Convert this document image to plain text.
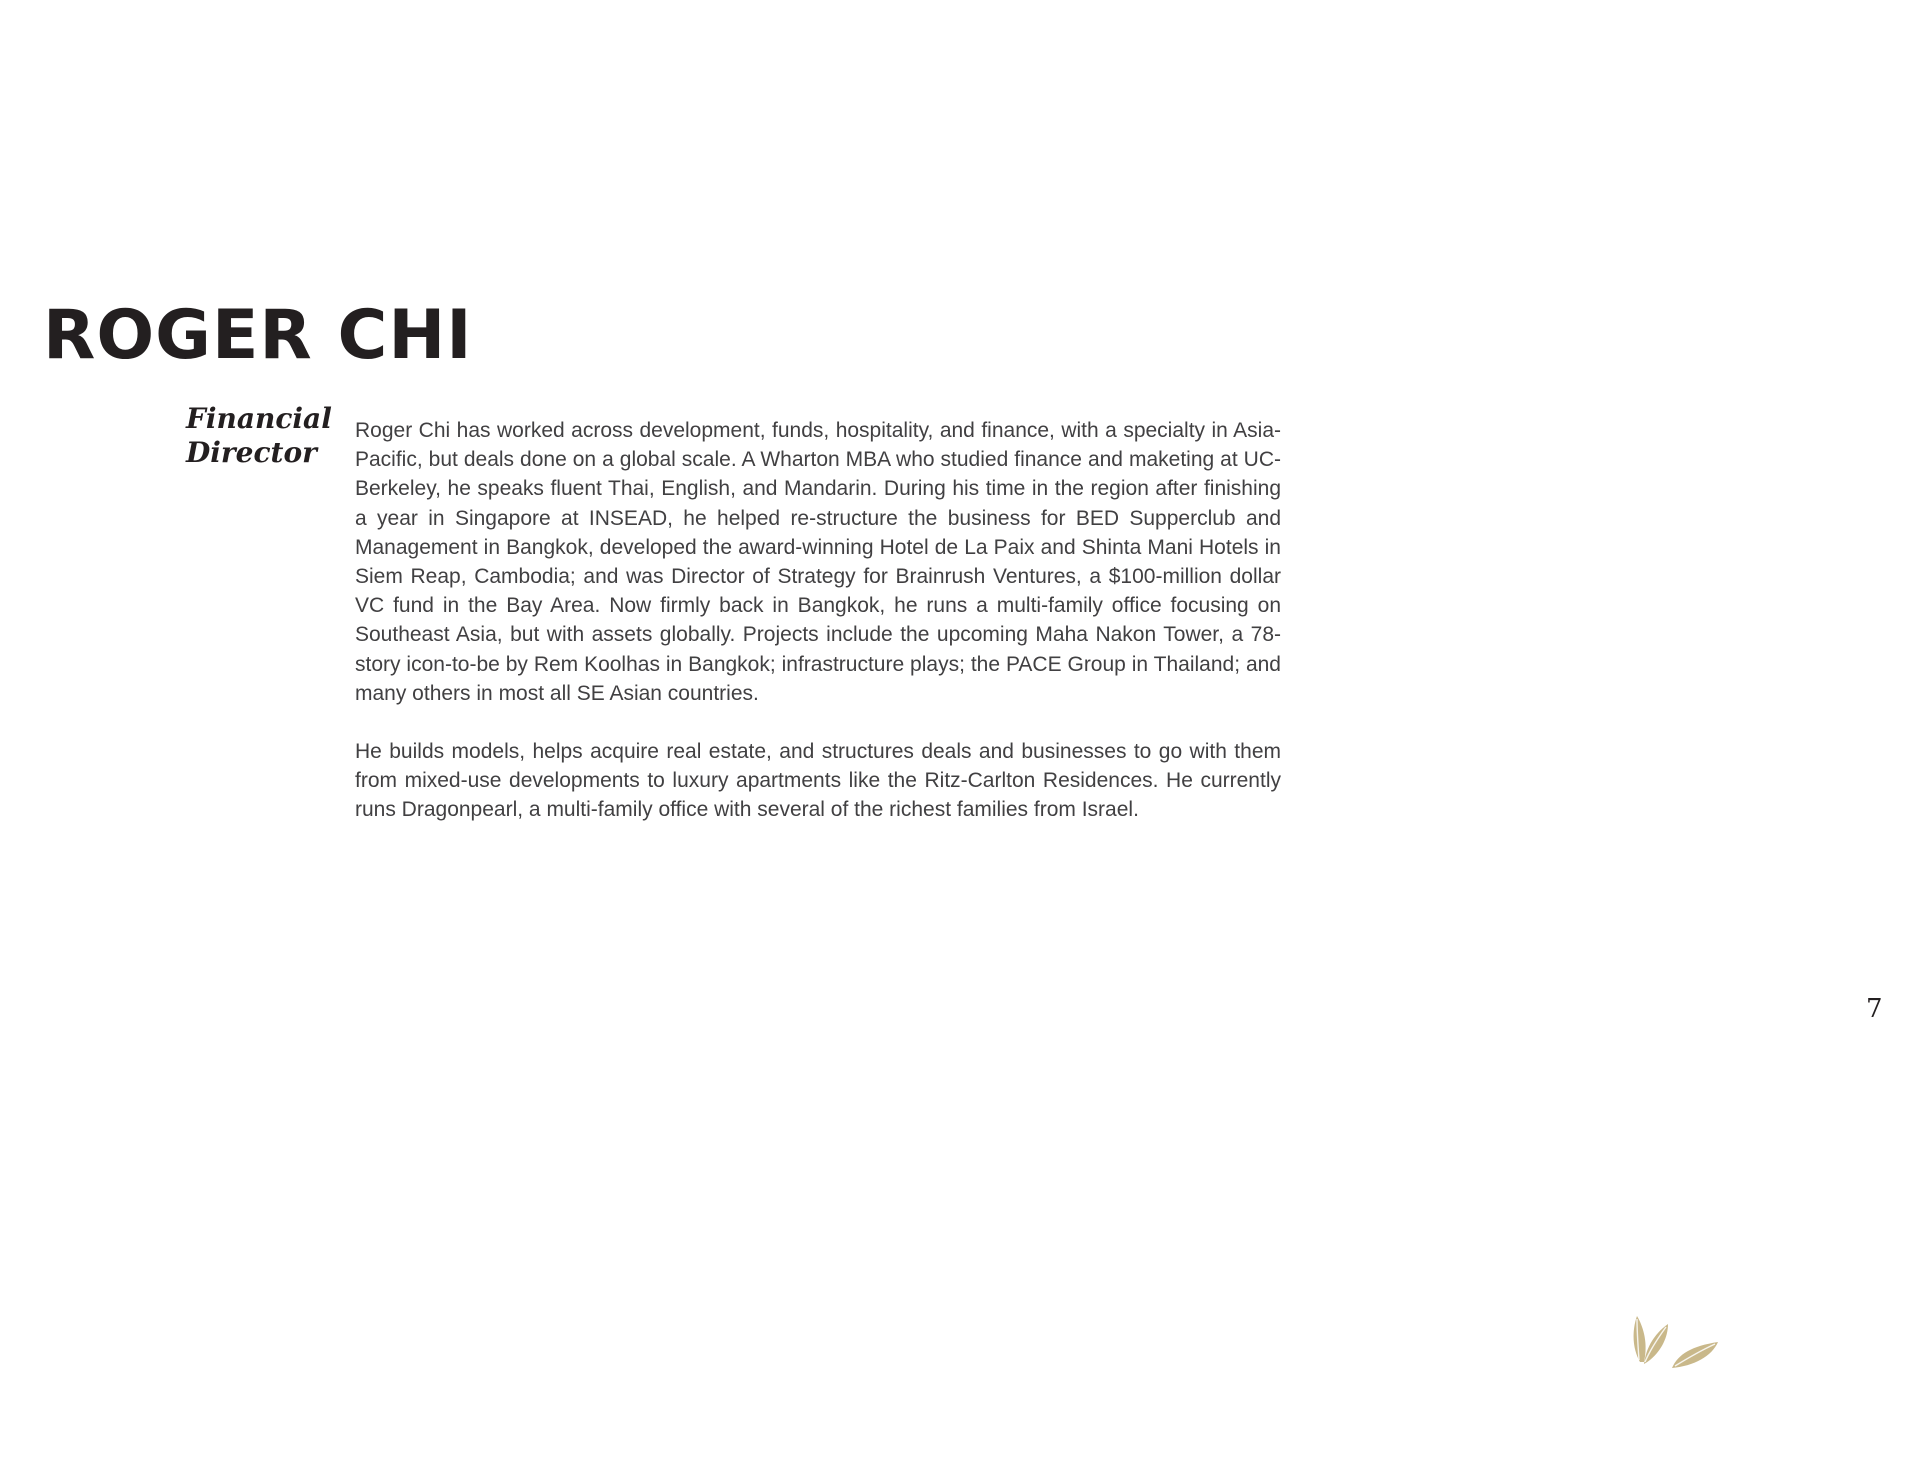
ROGER CHI
Financial
Director

Roger Chi has worked across development, funds, hospitality, and finance, with a specialty in Asia-Pacific, but deals done on a global scale. A Wharton MBA who studied finance and maketing at UC-Berkeley, he speaks fluent Thai, English, and Mandarin. During his time in the region after finishing a year in Singapore at INSEAD, he helped re-structure the business for BED Supperclub and Management in Bangkok, developed the award-winning Hotel de La Paix and Shinta Mani Hotels in Siem Reap, Cambodia; and was Director of Strategy for Brainrush Ventures, a $100-million dollar VC fund in the Bay Area. Now firmly back in Bangkok, he runs a multi-family office focusing on Southeast Asia, but with assets globally. Projects include the upcoming Maha Nakon Tower, a 78-story icon-to-be by Rem Koolhas in Bangkok; infrastructure plays; the PACE Group in Thailand; and many others in most all SE Asian countries.

He builds models, helps acquire real estate, and structures deals and businesses to go with them from mixed-use developments to luxury apartments like the Ritz-Carlton Residences. He currently runs Dragonpearl, a multi-family office with several of the richest families from Israel.

7
